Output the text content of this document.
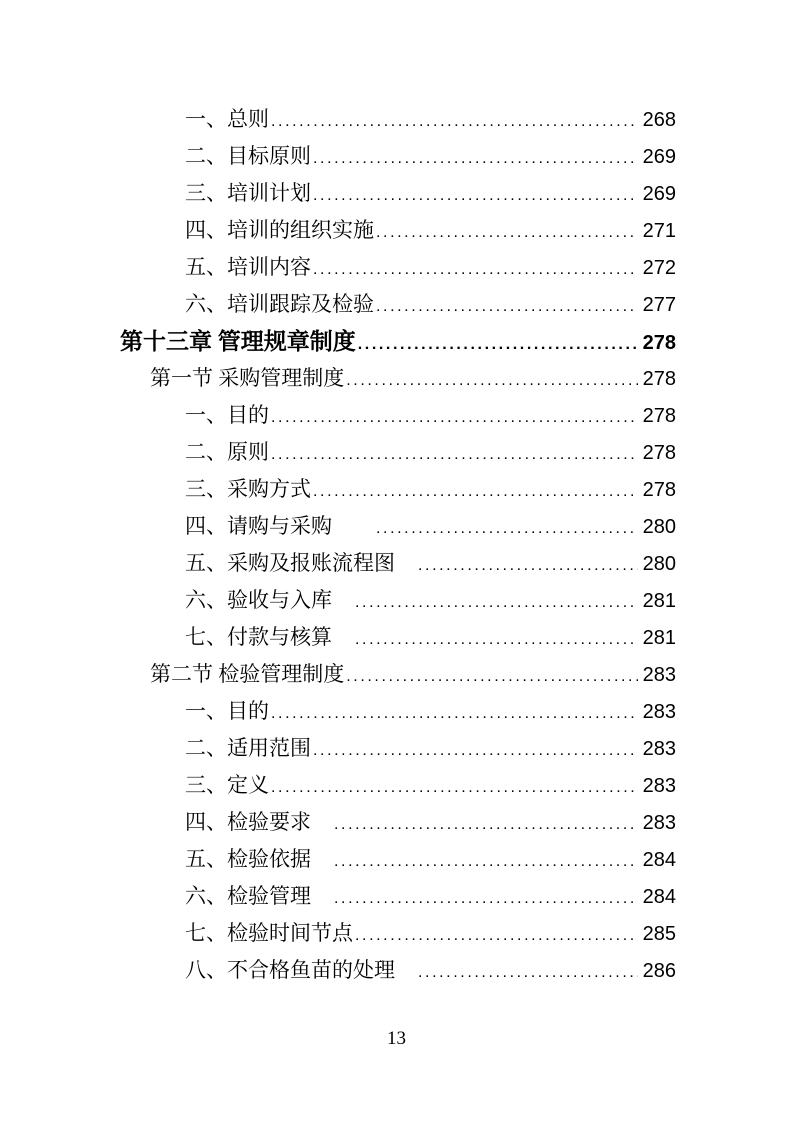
一、总则 .....	268
二、目标原则 .....	269
三、培训计划 .....	269
四、培训的组织实施 .....	271
五、培训内容 .....	272
六、培训跟踪及检验 .....	277
第十三章 管理规章制度 .....	278
第一节 采购管理制度 .....	278
一、目的 .....	278
二、原则 .....	278
三、采购方式 .....	278
四、请购与采购　　 .....	280
五、采购及报账流程图　 .....	280
六、验收与入库　 .....	281
七、付款与核算　 .....	281
第二节 检验管理制度 .....	283
一、目的 .....	283
二、适用范围 .....	283
三、定义 .....	283
四、检验要求　 .....	283
五、检验依据　 .....	284
六、检验管理　 .....	284
七、检验时间节点 .....	285
八、不合格鱼苗的处理　 .....	286
13
